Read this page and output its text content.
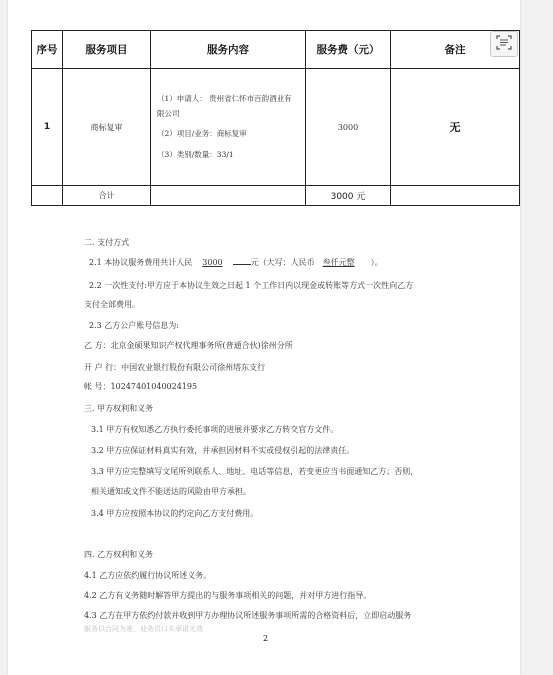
序号	服务项目	服务内容	服务费（元）	备注
1	商标复审	（1）申请人： 贵州省仁怀市百韵酒业有

限公司

（2）项目/业务：商标复审

（3）类别/数量：33/1	3000	无
	合计		3000 元	
二. 支付方式
2.1 本协议服务费用共计人民 3000	元（大写：人民币 叁仟元整 ）。
2.2 一次性支付:甲方应于本协议生效之日起 1 个工作日内以现金或转账等方式一次性向乙方
支付全部费用。
2.3 乙方公户账号信息为:
乙 方：北京金硕果知识产权代理事务所(普通合伙)徐州分所
开 户 行：中国农业银行股份有限公司徐州塔东支行
帐 号：10247401040024195
三. 甲方权利和义务
3.1 甲方有权知悉乙方执行委托事项的进展并要求乙方转交官方文件。
3.2 甲方应保证材料真实有效，并承担因材料不实或侵权引起的法律责任。
3.3 甲方应完整填写文尾所列联系人、地址、电话等信息，若变更应当书面通知乙方；否则，
相关通知或文件不能送达的风险由甲方承担。
3.4 甲方应按照本协议的约定向乙方支付费用。
四. 乙方权利和义务
4.1 乙方应依约履行协议所述义务。
4.2 乙方有义务随时解答甲方提出的与服务事项相关的问题，并对甲方进行指导。
4.3 乙方在甲方依约付款并收到甲方办理协议所述服务事项所需的合格资料后，立即启动服务
服务以合同为准，业务员口头承诺无效
2
